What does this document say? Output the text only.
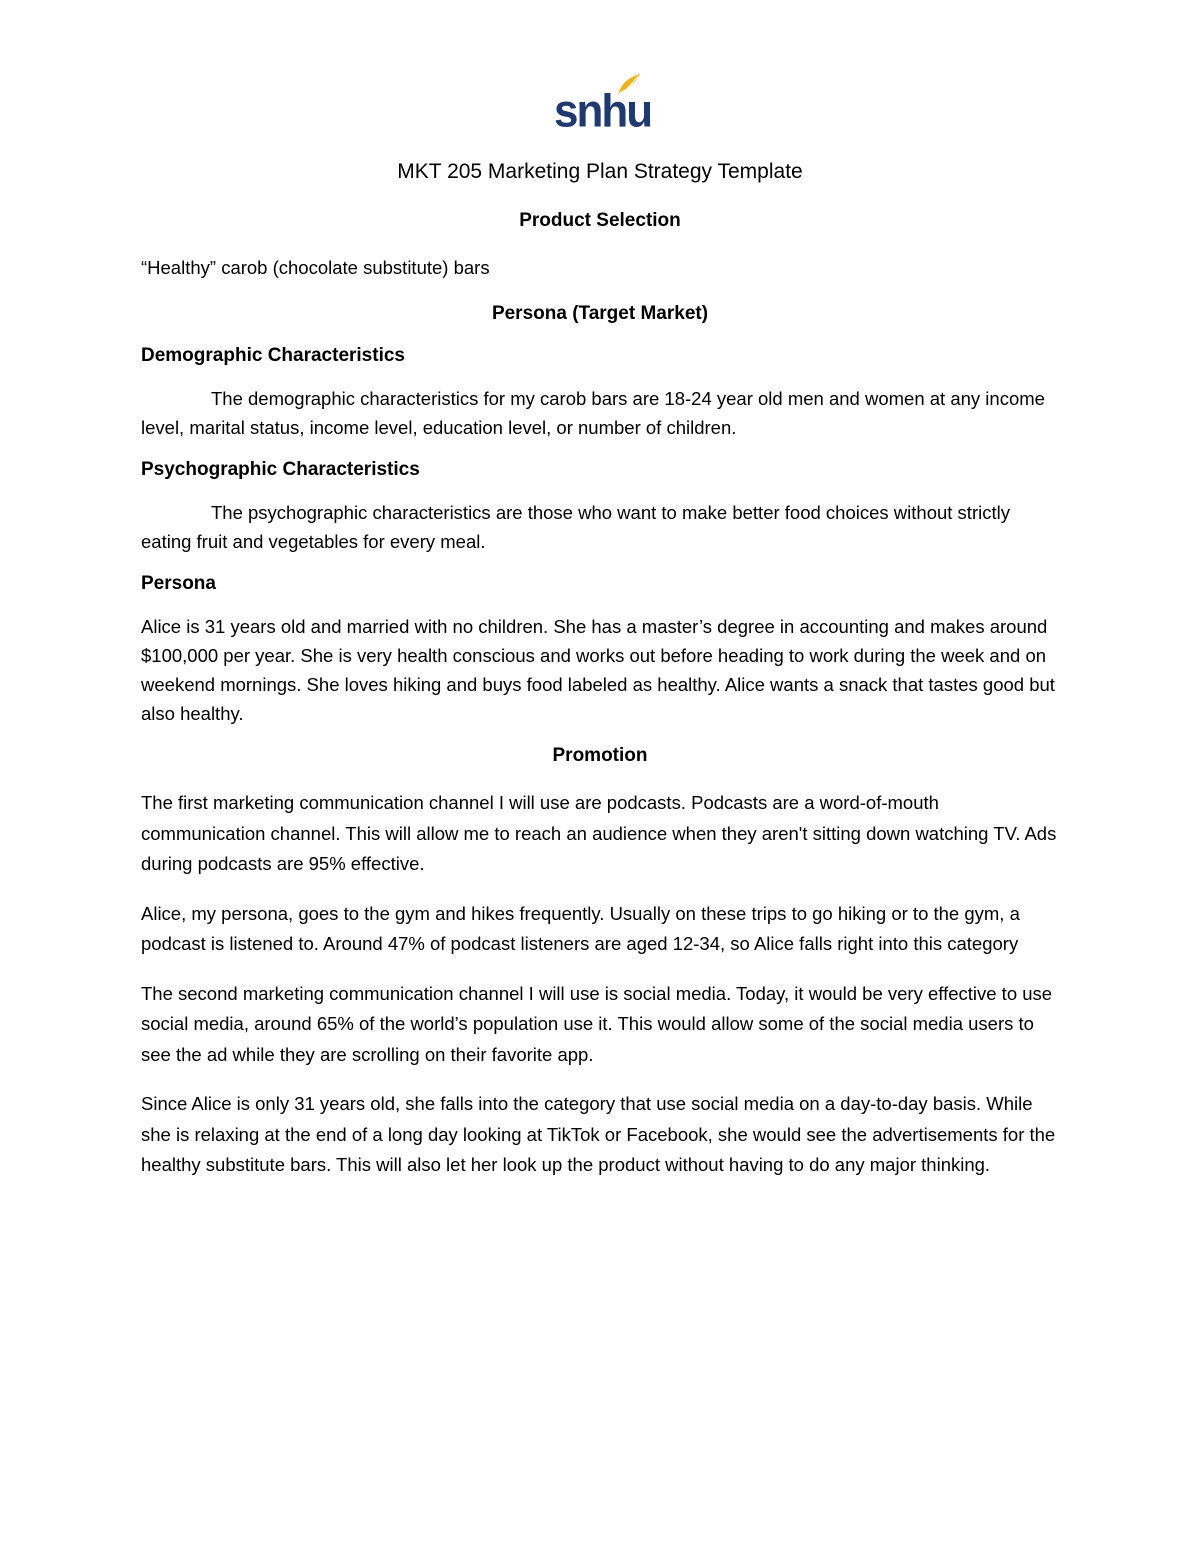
snhu
MKT 205 Marketing Plan Strategy Template
Product Selection

“Healthy” carob (chocolate substitute) bars

Persona (Target Market)
Demographic Characteristics

The demographic characteristics for my carob bars are 18-24 year old men and women at any income level, marital status, income level, education level, or number of children.

Psychographic Characteristics

The psychographic characteristics are those who want to make better food choices without strictly eating fruit and vegetables for every meal.

Persona

Alice is 31 years old and married with no children. She has a master’s degree in accounting and makes around $100,000 per year. She is very health conscious and works out before heading to work during the week and on weekend mornings. She loves hiking and buys food labeled as healthy. Alice wants a snack that tastes good but also healthy.

Promotion

The first marketing communication channel I will use are podcasts. Podcasts are a word-of-mouth communication channel. This will allow me to reach an audience when they aren't sitting down watching TV. Ads during podcasts are 95% effective.

Alice, my persona, goes to the gym and hikes frequently. Usually on these trips to go hiking or to the gym, a podcast is listened to. Around 47% of podcast listeners are aged 12-34, so Alice falls right into this category

The second marketing communication channel I will use is social media. Today, it would be very effective to use social media, around 65% of the world’s population use it. This would allow some of the social media users to see the ad while they are scrolling on their favorite app.

Since Alice is only 31 years old, she falls into the category that use social media on a day-to-day basis. While she is relaxing at the end of a long day looking at TikTok or Facebook, she would see the advertisements for the healthy substitute bars. This will also let her look up the product without having to do any major thinking.
